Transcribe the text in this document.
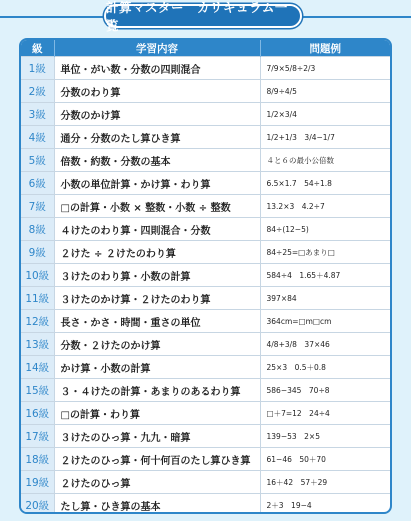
計算マスター　カリキュラム一覧
級	学習内容	問題例
1級	単位・がい数・分数の四則混合	7/9×5/8÷2/3
2級	分数のわり算	8/9÷4/5
3級	分数のかけ算	1/2×3/4
4級	通分・分数のたし算ひき算	1/2+1/3　3/4−1/7
5級	倍数・約数・分数の基本	４と６の最小公倍数
6級	小数の単位計算・かけ算・わり算	6.5×1.7　54÷1.8
7級	□の計算・小数 × 整数・小数 ÷ 整数	13.2×3　4.2÷7
8級	４けたのわり算・四則混合・分数	84÷(12−5)
9級	２けた ÷ ２けたのわり算	84÷25=□あまり□
10級	３けたのわり算・小数の計算	584÷4　1.65＋4.87
11級	３けたのかけ算・２けたのわり算	397×84
12級	長さ・かさ・時間・重さの単位	364cm=□m□cm
13級	分数・２けたのかけ算	4/8+3/8　37×46
14級	かけ算・小数の計算	25×3　0.5＋0.8
15級	３・４けたの計算・あまりのあるわり算	586−345　70÷8
16級	□の計算・わり算	□＋7=12　24÷4
17級	３けたのひっ算・九九・暗算	139−53　2×5
18級	２けたのひっ算・何十何百のたし算ひき算	61−46　50＋70
19級	２けたのひっ算	16＋42　57＋29
20級	たし算・ひき算の基本	2＋3　19−4
